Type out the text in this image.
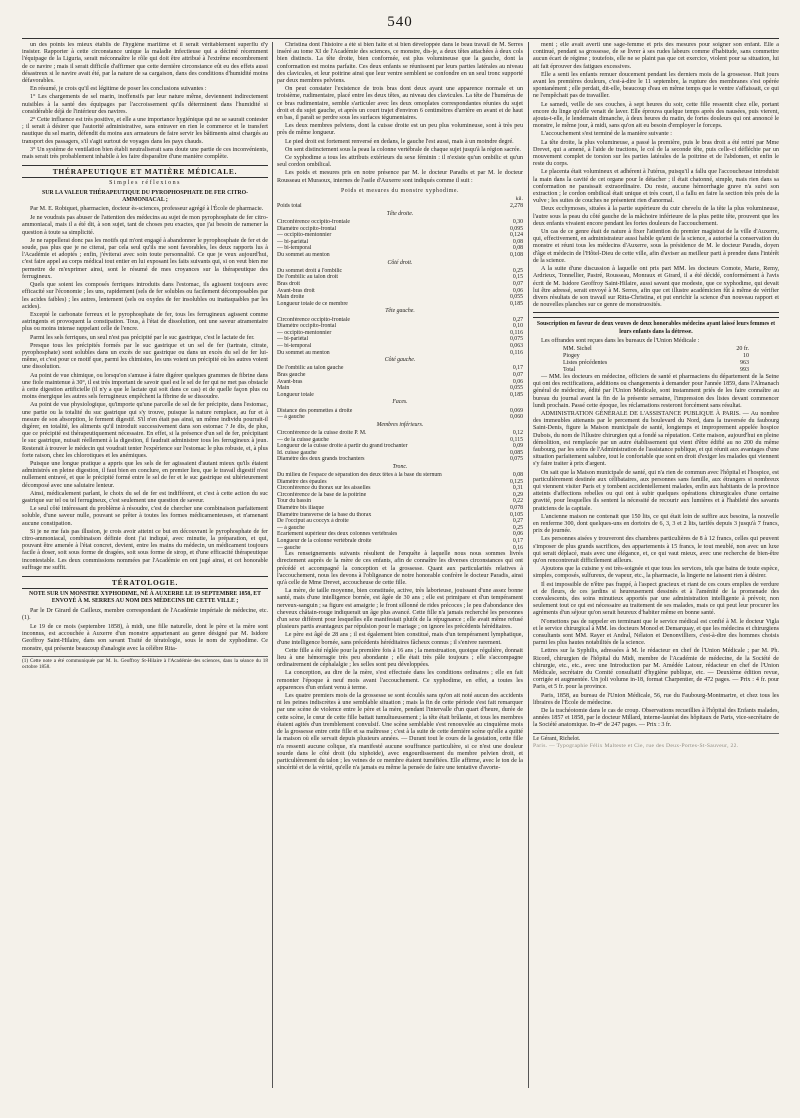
540

un des points les mieux établis de l'hygiène maritime et il serait véritablement superflu d'y insister. Rapporter à cette circonstance unique la maladie infectieuse qui a décimé récemment l'équipage de la Liguria, serait méconnaître le rôle qui doit être attribué à l'extrême encombrement de ce navire ; mais il serait difficile d'affirmer que cette dernière circonstance eût eu des effets aussi désastreux si le navire avait été, par la nature de sa cargaison, dans des conditions d'humidité moins défavorables.

En résumé, je crois qu'il est légitime de poser les conclusions suivantes :

1° Les chargements de sel marin, inoffensifs par leur nature même, deviennent indirectement nuisibles à la santé des équipages par l'accroissement qu'ils déterminent dans l'humidité si considérable déjà de l'intérieur des navires.

2° Cette influence est très positive, et elle a une importance hygiénique qui ne se saurait contester ; il serait à désirer que l'autorité administrative, sans entraver en rien le commerce et le transfert nautique du sel marin, défendit du moins aux armateurs de faire servir les bâtiments ainsi chargés au transport des passagers, s'il s'agit surtout de voyages dans les pays chauds.

3° Un système de ventilation bien établi neutraliserait sans doute une partie de ces inconvénients, mais serait très probablement inhabile à les faire disparaître d'une manière complète.

THÉRAPEUTIQUE ET MATIÈRE MÉDICALE.
Simples réflexions
SUR LA VALEUR THÉRAPEUTIQUE DU PYROPHOSPHATE DE FER CITRO-AMMONIACAL ;
Par M. E. Robiquet, pharmacien, docteur ès-sciences, professeur agrégé à l'École de pharmacie.

Je ne voudrais pas abuser de l'attention des médecins au sujet de mon pyrophosphate de fer citro-ammoniacal, mais il a été dit, à son sujet, tant de choses peu exactes, que j'ai besoin de ramener la question à toute sa simplicité.

Je ne rappellerai donc pas les motifs qui m'ont engagé à abandonner le pyrophosphate de fer et de soude, pas plus que je ne citerai, par cela seul qu'ils me sont favorables, les deux rapports lus à l'Académie et adoptés ; enfin, j'éviterai avec soin toute personnalité. Ce que je veux aujourd'hui, c'est faire appel au corps médical tout entier en lui exposant les faits suivants qui, si on veut bien me permettre de m'exprimer ainsi, sont le résumé de mes croyances sur la thérapeutique des ferrugineux.

Quels que soient les composés ferriques introduits dans l'estomac, ils agissent toujours avec efficacité sur l'économie ; les uns, rapidement (sels de fer solubles ou facilement décomposables par les acides faibles) ; les autres, lentement (sels ou oxydes de fer insolubles ou inattaquables par les acides).

Excepté le carbonate ferreux et le pyrophosphate de fer, tous les ferrugineux agissent comme astringents et provoquent la constipation. Tous, à l'état de dissolution, ont une saveur atramentaire plus ou moins intense rappelant celle de l'encre.

Parmi les sels ferriques, un seul n'est pas précipité par le suc gastrique, c'est le lactate de fer.

Presque tous les précipités formés par le suc gastrique et un sel de fer (tartrate, citrate, pyrophosphate) sont solubles dans un excès de suc gastrique ou dans un excès du sel de fer lui-même, et c'est pour ce motif que, parmi les chimistes, les uns voient un précipité où les autres voient une dissolution.

Au point de vue chimique, ou lorsqu'on s'amuse à faire digérer quelques grammes de fibrine dans une fiole maintenue à 30°, il est très important de savoir quel est le sel de fer qui ne met pas obstacle à cette digestion artificielle (il n'y a que le lactate qui soit dans ce cas) et de quelle façon plus ou moins énergique les autres sels ferrugineux empêchent la fibrine de se dissoudre.

Au point de vue physiologique, qu'importe qu'une parcelle de sel de fer précipite, dans l'estomac, une partie ou la totalité du suc gastrique qui s'y trouve, puisque la nature remplace, au fur et à mesure de son absorption, le ferment digestif. S'il n'en était pas ainsi, un même individu pourrait-il digérer, en totalité, les aliments qu'il introduit successivement dans son estomac ? Je dis, de plus, que ce précipité est thérapeutiquement nécessaire. En effet, si la présence d'un sel de fer, précipitant le suc gastrique, nuisait réellement à la digestion, il faudrait administrer tous les ferrugineux à jeun. Resterait à trouver le médecin qui voudrait tenter l'expérience sur l'estomac le plus robuste, et, à plus forte raison, chez les chlorotiques et les anémiques.

Puisque une longue pratique a appris que les sels de fer agissaient d'autant mieux qu'ils étaient administrés en pleine digestion, il faut bien en conclure, en premier lieu, que le travail digestif n'est nullement entravé, et que le précipité formé entre le sel de fer et le suc gastrique est ultérieurement décomposé avec une salutaire lenteur.

Ainsi, médicalement parlant, le choix du sel de fer est indifférent, et c'est à cette action du suc gastrique sur tel ou tel ferrugineux, c'est seulement une question de saveur.

Le seul côté intéressant du problème à résoudre, c'est de chercher une combinaison parfaitement soluble, d'une saveur nulle, pouvant se prêter à toutes les formes médicamenteuses, et n'amenant aucune constipation.

Si je ne me fais pas illusion, je crois avoir atteint ce but en découvrant le pyrophosphate de fer citro-ammoniacal, combinaison définie dont j'ai indiqué, avec minutie, la préparation, et qui, pouvant être amenée à l'état concret, devient, entre les mains du médecin, un médicament toujours facile à doser, soit sous forme de dragées, soit sous forme de sirop, et d'une efficacité thérapeutique incontestable. Les deux commissions nommées par l'Académie en ont jugé ainsi, et cet honorable suffrage me suffit.

TÉRATOLOGIE.
NOTE SUR UN MONSTRE XYPHODIME, NÉ À AUXERRE LE 19 SEPTEMBRE 1858, ET ENVOYÉ À M. SERRES AU NOM DES MÉDECINS DE CETTE VILLE ;
Par le Dr Girard de Cailleux, membre correspondant de l'Académie impériale de médecine, etc. (1).

Le 19 de ce mois (septembre 1858), à midi, une fille naturelle, dont le père et la mère sont inconnus, est accouchée à Auxerre d'un monstre appartenant au genre désigné par M. Isidore Geoffroy Saint-Hilaire, dans son savant Traité de tératologie, sous le nom de xyphodime. Ce monstre, qui présente beaucoup d'analogie avec la célèbre Rita-

(1) Cette note a été communiquée par M. Is. Geoffroy St-Hilaire à l'Académie des sciences, dans la séance du 18 octobre 1858.

Christina dont l'histoire a été si bien faite et si bien développée dans le beau travail de M. Serres inséré au tome XI de l'Académie des sciences, ce monstre, dis-je, a deux têtes attachées à deux cols bien distincts. La tête droite, bien conformée, est plus volumineuse que la gauche, dont la conformation est moins parfaite. Ces deux enfants se réunissent par leurs parties latérales au niveau des clavicules, et leur poitrine ainsi que leur ventre semblent se confondre en un seul tronc supporté par deux membres pelviens.

On peut constater l'existence de trois bras dont deux ayant une apparence normale et un troisième, rudimentaire, placé entre les deux têtes, au niveau des clavicules. La tête de l'humérus de ce bras rudimentaire, semble s'articuler avec les deux omoplates correspondantes réunies du sujet droit et du sujet gauche, et après un court trajet d'environ 6 centimètres d'arrière en avant et de haut en bas, il paraît se perdre sous les surfaces tégumentaires.

Les deux membres pelviens, dont la cuisse droite est un peu plus volumineuse, sont à très peu près de même longueur.

Le pied droit est fortement renversé en dedans, le gauche l'est aussi, mais à un moindre degré.

On sent distinctement sous la peau la colonne vertébrale de chaque sujet jusqu'à la région sacrée.

Ce xyphodime a tous les attributs extérieurs du sexe féminin : il n'existe qu'un ombilic et qu'un seul cordon ombilical.

Les poids et mesures pris en notre présence par M. le docteur Paradis et par M. le docteur Rousseau et Muraoux, internes de l'asile d'Auxerre sont indiqués comme il suit :

Poids et mesures du monstre xyphodime.
kil.
Poids total	2,278
Tête droite.
Circonférence occipito-frontale	0,30
Diamètre occipito-frontal	0,095
— occipito-mentonnier	0,124
— bi-pariétal	0,08
— bi-temporal	0,08
Du sommet au menton	0,108
Côté droit.
Du sommet droit à l'ombilic	0,25
De l'ombilic au talon droit	0,15
Bras droit	0,07
Avant-bras droit	0,06
Main droite	0,055
Longueur totale de ce membre	0,185
Tête gauche.
Circonférence occipito-frontale	0,27
Diamètre occipito-frontal	0,10
— occipito-mentonnier	0,116
— bi-pariétal	0,075
— bi-temporal	0,063
Du sommet au menton	0,116
Côté gauche.
De l'ombilic au talon gauche	0,17
Bras gauche	0,07
Avant-bras	0,06
Main	0,055
Longueur totale	0,185
Faces.
Distance des pommettes à droite	0,069
— à gauche	0,060
Membres inférieurs.
Circonférence de la cuisse droite P. M.	0,12
— de la cuisse gauche	0,115
Longueur de la cuisse droite à partir du grand trochanter	0,09
Id. cuisse gauche	0,085
Diamètre des deux grands trochanters	0,075
Tronc.
Du milieu de l'espace de séparation des deux têtes à la base du sternum	0,08
Diamètre des épaules	0,125
Circonférence du thorax sur les aisselles	0,31
Circonférence de la base de la poitrine	0,29
Tour du bassin	0,22
Diamètre bis iliaque	0,078
Diamètre transverse de la base du thorax	0,105
De l'occiput au coccyx à droite	0,27
— à gauche	0,25
Écartement supérieur des deux colonnes vertébrales	0,06
Longueur de la colonne vertébrale droite	0,17
— gauche	0,16

Les renseignements suivants résultent de l'enquête à laquelle nous nous sommes livrés directement auprès de la mère de ces enfants, afin de connaître les diverses circonstances qui ont précédé et accompagné la conception et la grossesse. Quant aux particularités relatives à l'accouchement, nous les devons à l'obligeance de notre honorable confrère le docteur Paradis, ainsi qu'à celle de Mme Drevet, accoucheuse de cette fille.

La mère, de taille moyenne, bien constituée, active, très laborieuse, jouissant d'une assez bonne santé, mais d'une intelligence bornée, est âgée de 30 ans ; elle est primipare et d'un tempérament nerveux-sanguin ; sa figure est amaigrie ; le front sillonné de rides précoces ; le peu d'abondance des cheveux châtain-rouge indiquerait un âge plus avancé. Cette fille n'a jamais recherché les personnes d'un sexe différent pour lesquelles elle manifestait plutôt de la répugnance ; elle avait même refusé plusieurs partis avantageux par répulsion pour le mariage ; on ignore les précédents héréditaires.

Le père est âgé de 28 ans ; il est également bien constitué, mais d'un tempérament lymphatique, d'une intelligence bornée, sans précédents héréditaires fâcheux connus ; il s'enivre rarement.

Cette fille a été réglée pour la première fois à 16 ans ; la menstruation, quoique régulière, donnait lieu à une hémorragie très peu abondante ; elle était très pâle toujours ; elle s'accompagne ordinairement de céphalalgie ; les selles sont peu développées.

La conception, au dire de la mère, s'est effectuée dans les conditions ordinaires ; elle en fait remonter l'époque à neuf mois avant l'accouchement. Ce xyphodime, en effet, a toutes les apparences d'un enfant venu à terme.

Les quatre premiers mois de la grossesse se sont écoulés sans qu'on ait noté aucun des accidents ni les peines indiscrètes à une semblable situation ; mais la fin de cette période s'est fait remarquer par une scène de violence entre le père et la mère, pendant l'intervalle d'un quart d'heure, durée de cette scène, le cœur de cette fille battait tumultueusement ; la tête était brûlante, et tous les membres étaient agités d'un tremblement convulsif. Une scène semblable s'est renouvelée au cinquième mois de la grossesse entre cette fille et sa maîtresse ; c'est à la suite de cette dernière scène qu'elle a quitté la maison où elle servait depuis plusieurs années. — Durant tout le cours de la gestation, cette fille n'a ressenti aucune colique, n'a manifesté aucune souffrance particulière, si ce n'est une douleur sourde dans le côté droit (du xiphoïde), avec engourdissement du membre pelvien droit, et particulièrement du talon ; les veines de ce membre étaient tuméfiées. Elle affirme, avec le ton de la sincérité et de la vérité, qu'elle n'a jamais eu même la pensée de faire une tentative d'avorte-

ment ; elle avait averti une sage-femme et pris des mesures pour soigner son enfant. Elle a continué, pendant sa grossesse, de se livrer à ses rudes labeurs comme d'habitude, sans commettre aucun écart de régime ; toutefois, elle ne se plaint pas que cet exercice, violent pour sa situation, lui ait fait éprouver des fatigues excessives.

Elle a senti les enfants remuer doucement pendant les derniers mois de la grossesse. Huit jours avant les premières douleurs, c'est-à-dire le 11 septembre, la rupture des membranes s'est opérée spontanément ; elle perdait, dit-elle, beaucoup d'eau en même temps que le ventre s'affaissait, ce qui ne l'empêchait pas de travailler.

Le samedi, veille de ses couches, à sept heures du soir, cette fille ressentit chez elle, portant encore du linge qu'elle venait de laver. Elle éprouva quelque temps après des nausées, puis vierent, ajouta-t-elle, le lendemain dimanche, à deux heures du matin, de fortes douleurs qui ont annoncé le monstre, le même jour, à midi, sans qu'on ait eu besoin d'employer le forceps.

L'accouchement s'est terminé de la manière suivante :

La tête droite, la plus volumineuse, a passé la première, puis le bras droit a été retiré par Mme Drevet, qui a amené, à l'aide de tractions, le col de la seconde tête, puis celle-ci défléchie par un mouvement complet de torsion sur les parties latérales de la poitrine et de l'abdomen, et enfin le reste du corps.

Le placenta était volumineux et adhérent à l'utérus, puisqu'il a fallu que l'accoucheuse introduisit la main dans la cavité de cet organe pour le détacher ; il était chatonné, simple, mais rien dans sa conformation ne paraissait extraordinaire. Du reste, aucune hémorrhagie grave n'a suivi son extraction ; le cordon ombilical était unique et très court, il a fallu en faire la section très près de la vulve ; les suites de couches ne présentent rien d'anormal.

Deux ecchymoses, situées à la partie supérieure du cuir chevelu de la tête la plus volumineuse, l'autre sous la peau du côté gauche de la mâchoire inférieure de la plus petite tête, prouvent que les deux enfants vivaient encore pendant les fortes douleurs de l'accouchement.

Un cas de ce genre était de nature à fixer l'attention du premier magistrat de la ville d'Auxerre, qui, effectivement, en administrateur aussi habile qu'ami de la science, a autorisé la conservation du monstre et réuni tous les médecins d'Auxerre, sous la présidence de M. le docteur Paradis, doyen d'âge et médecin de l'Hôtel-Dieu de cette ville, afin d'aviser au meilleur parti à prendre dans l'intérêt de la science.

A la suite d'une discussion à laquelle ont pris part MM. les docteurs Comote, Marie, Remy, Ardrieux, Tonnellier, Pastré, Rousseau, Monraux et Girard, il a été décidé, conformément à l'avis écrit de M. Isidore Geoffroy Saint-Hilaire, aussi savant que modeste, que ce xyphodime, qui devait lui être adressé, serait envoyé à M. Serres, afin que cet illustre académicien fût à même de vérifier divers résultats de son travail sur Ritta-Christina, et put enrichir la science d'un nouveau rapport et de nouvelles planches sur ce genre de monstruosités.

Souscription en faveur de deux veuves de deux honorables médecins ayant laissé leurs femmes et leurs enfants dans la détresse.

Les offrandes sont reçues dans les bureaux de l'Union Médicale :

MM. Sichel	20 fr.
Piogey	10
Listes précédentes	963
Total	993

— MM. les docteurs en médecine, officiers de santé et pharmaciens du département de la Seine qui ont des rectifications, additions ou changements à demander pour l'année 1859, dans l'Almanach général de médecine, édité par l'Union Médicale, sont instamment priés de les faire connaître au bureau du journal avant la fin de la présente semaine, l'impression des listes devant commencer lundi prochain. Passé cette époque, les réclamations resteront forcément sans résultat.

ADMINISTRATION GÉNÉRALE DE L'ASSISTANCE PUBLIQUE À PARIS. — Au nombre des immeubles attenants par le percement du boulevard du Nord, dans la traversée du faubourg Saint-Denis, figure la Maison municipale de santé, longtemps et improprement appelée hospice Dubois, du nom de l'illustre chirurgien qui a fondé sa réputation. Cette maison, aujourd'hui en pleine démolition, est remplacée par un autre établissement qui vient d'être édifié au no 200 du même faubourg, par les soins de l'Administration de l'assistance publique, et qui réunit aux avantages d'une situation parfaitement salubre, tout le confortable que sont en droit d'exiger les malades qui viennent s'y faire traiter à prix d'argent.

On sait que la Maison municipale de santé, qui n'a rien de commun avec l'hôpital et l'hospice, est particulièrement destinée aux célibataires, aux personnes sans famille, aux étrangers si nombreux qui viennent visiter Paris et y tombent accidentellement malades, enfin aux habitants de la province atteints d'affections rebelles ou qui ont à subir quelques opérations chirurgicales d'une certaine gravité, pour lesquelles ils sentent la nécessité de recourir aux lumières et à l'habileté des savants praticiens de la capitale.

L'ancienne maison ne contenait que 150 lits, ce qui était loin de suffire aux besoins, la nouvelle en renferme 300, dont quelques-uns en dortoirs de 6, 3, 3 et 2 lits, tarifés depuis 3 jusqu'à 7 francs, prix de journée.

Les personnes aisées y trouveront des chambres particulières de 8 à 12 francs, celles qui peuvent s'imposer de plus grands sacrifices, des appartements à 15 francs, le tout meublé, non avec un luxe qui serait déplacé, mais avec une élégance, et, ce qui vaut mieux, avec une recherche de bien-être qu'on rencontrerait difficilement ailleurs.

Ajoutons que la cuisine y est très-soignée et que tous les services, tels que bains de toute espèce, simples, composés, sulfureux, de vapeur, etc., la pharmacie, la lingerie ne laissent rien à désirer.

Il est impossible de n'être pas frappé, à l'aspect gracieux et riant de ces cours emplies de verdure et de fleurs, de ces jardins si heureusement dessinés et à l'aménité de la promenade des convalescents, des soins minutieux apportés par une administration intelligente à prévoir, non seulement tout ce qui est nécessaire au traitement de ses malades, mais ce qui peut leur procurer les agréments d'un séjour qu'on serait heureux d'habiter même en bonne santé.

N'omettons pas de rappeler en terminant que le service médical est confié à M. le docteur Vigla et le service chirurgical à MM. les docteurs Monod et Demarquay, et que les médecins et chirurgiens consultants sont MM. Rayer et Andral, Nélaton et Denonvilliers, c'est-à-dire des hommes choisis parmi les plus hautes notabilités de la science.

Lettres sur la Syphilis, adressées à M. le rédacteur en chef de l'Union Médicale ; par M. Ph. Ricord, chirurgien de l'hôpital du Midi, membre de l'Académie de médecine, de la Société de chirurgie, etc., etc., avec une Introduction par M. Amédée Latour, rédacteur en chef de l'Union Médicale, secrétaire du Comité consultatif d'hygiène publique, etc. — Deuxième édition revue, corrigée et augmentée. Un joli volume in-18, format Charpentier, de 472 pages. — Prix : 4 fr. pour Paris, et 5 fr. pour la province.

Paris, 1858, au bureau de l'Union Médicale, 56, rue du Faubourg-Montmartre, et chez tous les libraires de l'École de médecine.

De la trachéotomie dans le cas de croup. Observations recueillies à l'hôpital des Enfants malades, années 1857 et 1858, par le docteur Millard, interne-lauréat des hôpitaux de Paris, vice-secrétaire de la Société anatomique. In-4° de 247 pages. — Prix : 3 fr.

Le Gérant, Richelot.
Paris. — Typographie Félix Malteste et Cie, rue des Deux-Portes-St-Sauveur, 22.
